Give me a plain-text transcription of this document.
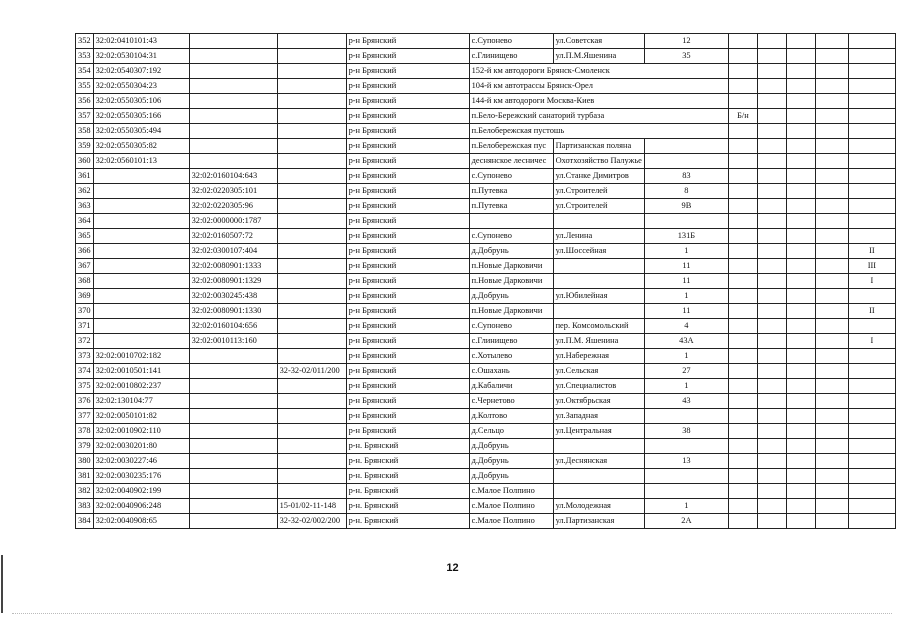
352	32:02:0410101:43			р-н Брянский	с.Супонево	ул.Советская	12					
353	32:02:0530104:31			р-н Брянский	с.Глинищево	ул.П.М.Яшенина	35					
354	32:02:0540307:192			р-н Брянский	152-й км автодороги Брянск-Смоленск							
355	32:02:0550304:23			р-н Брянский	104-й км автотрассы Брянск-Орел							
356	32:02:0550305:106			р-н Брянский	144-й км автодороги Москва-Киев							
357	32:02:0550305:166			р-н Брянский	п.Бело-Бережский санаторий турбаза			Б/н				
358	32:02:0550305:494			р-н Брянский	п.Белобережская пустошь							
359	32:02:0550305:82			р-н Брянский	п.Белобережская пус	Партизанская поляна						
360	32:02:0560101:13			р-н Брянский	деснянское лесничес	Охотхозяйство Палужье						
361		32:02:0160104:643		р-н Брянский	с.Супонево	ул.Станке Димитров	83					
362		32:02:0220305:101		р-н Брянский	п.Путевка	ул.Строителей	8					
363		32:02:0220305:96		р-н Брянский	п.Путевка	ул.Строителей	9В					
364		32:02:0000000:1787		р-н Брянский								
365		32:02:0160507:72		р-н Брянский	с.Супонево	ул.Ленина	131Б					
366		32:02:0300107:404		р-н Брянский	д.Добрунь	ул.Шоссейная	1					II
367		32:02:0080901:1333		р-н Брянский	п.Новые Дарковичи		11					III
368		32:02:0080901:1329		р-н Брянский	п.Новые Дарковичи		11					I
369		32:02:0030245:438		р-н Брянский	д.Добрунь	ул.Юбилейная	1					
370		32:02:0080901:1330		р-н Брянский	п.Новые Дарковичи		11					II
371		32:02:0160104:656		р-н Брянский	с.Супонево	пер. Комсомольский	4					
372		32:02:0010113:160		р-н Брянский	с.Глинищево	ул.П.М. Яшенина	43А					I
373	32:02:0010702:182			р-н Брянский	с.Хотылево	ул.Набережная	1					
374	32:02:0010501:141		32-32-02/011/200	р-н Брянский	с.Ошахань	ул.Сельская	27					
375	32:02:0010802:237			р-н Брянский	д.Кабаличи	ул.Специалистов	1					
376	32:02:130104:77			р-н Брянский	с.Чернетово	ул.Октябрьская	43					
377	32:02:0050101:82			р-н Брянский	д.Колтово	ул.Западная						
378	32:02:0010902:110			р-н Брянский	д.Сельцо	ул.Центральная	38					
379	32:02:0030201:80			р-н. Брянский	д.Добрунь							
380	32:02:0030227:46			р-н. Брянский	д.Добрунь	ул.Деснянская	13					
381	32:02:0030235:176			р-н. Брянский	д.Добрунь							
382	32:02:0040902:199			р-н. Брянский	с.Малое Полпино							
383	32:02:0040906:248		15-01/02-11-148	р-н. Брянский	с.Малое Полпино	ул.Молодежная	1					
384	32:02:0040908:65		32-32-02/002/200	р-н. Брянский	с.Малое Полпино	ул.Партизанская	2А					
12
